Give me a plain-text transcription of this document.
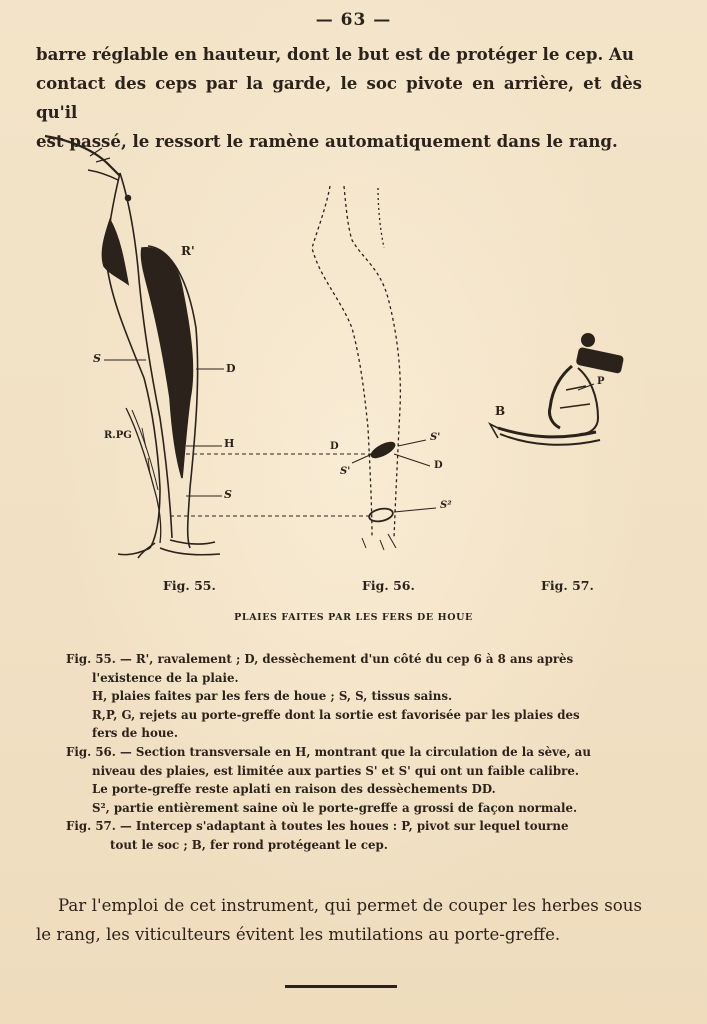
— 63 —

barre réglable en hauteur, dont le but est de protéger le cep. Au

contact des ceps par la garde, le soc pivote en arrière, et dès qu'il

est passé, le ressort le ramène automatiquement dans le rang.

R'
S
D
R.PG
H
S
D
S'
S'
D
S²
P
B
Fig. 55.	Fig. 56.	Fig. 57.
PLAIES FAITES PAR LES FERS DE HOUE
Fig. 55. — R', ravalement ; D, dessèchement d'un côté du cep 6 à 8 ans après
l'existence de la plaie.
H, plaies faites par les fers de houe ; S, S, tissus sains.
R,P, G, rejets au porte-greffe dont la sortie est favorisée par les plaies des
fers de houe.
Fig. 56. — Section transversale en H, montrant que la circulation de la sève, au
niveau des plaies, est limitée aux parties S' et S' qui ont un faible calibre.
Le porte-greffe reste aplati en raison des dessèchements DD.
S², partie entièrement saine où le porte-greffe a grossi de façon normale.
Fig. 57. — Intercep s'adaptant à toutes les houes : P, pivot sur lequel tourne
tout le soc ; B, fer rond protégeant le cep.

Par l'emploi de cet instrument, qui permet de couper les herbes sous le rang, les viticulteurs évitent les mutilations au porte-greffe.
